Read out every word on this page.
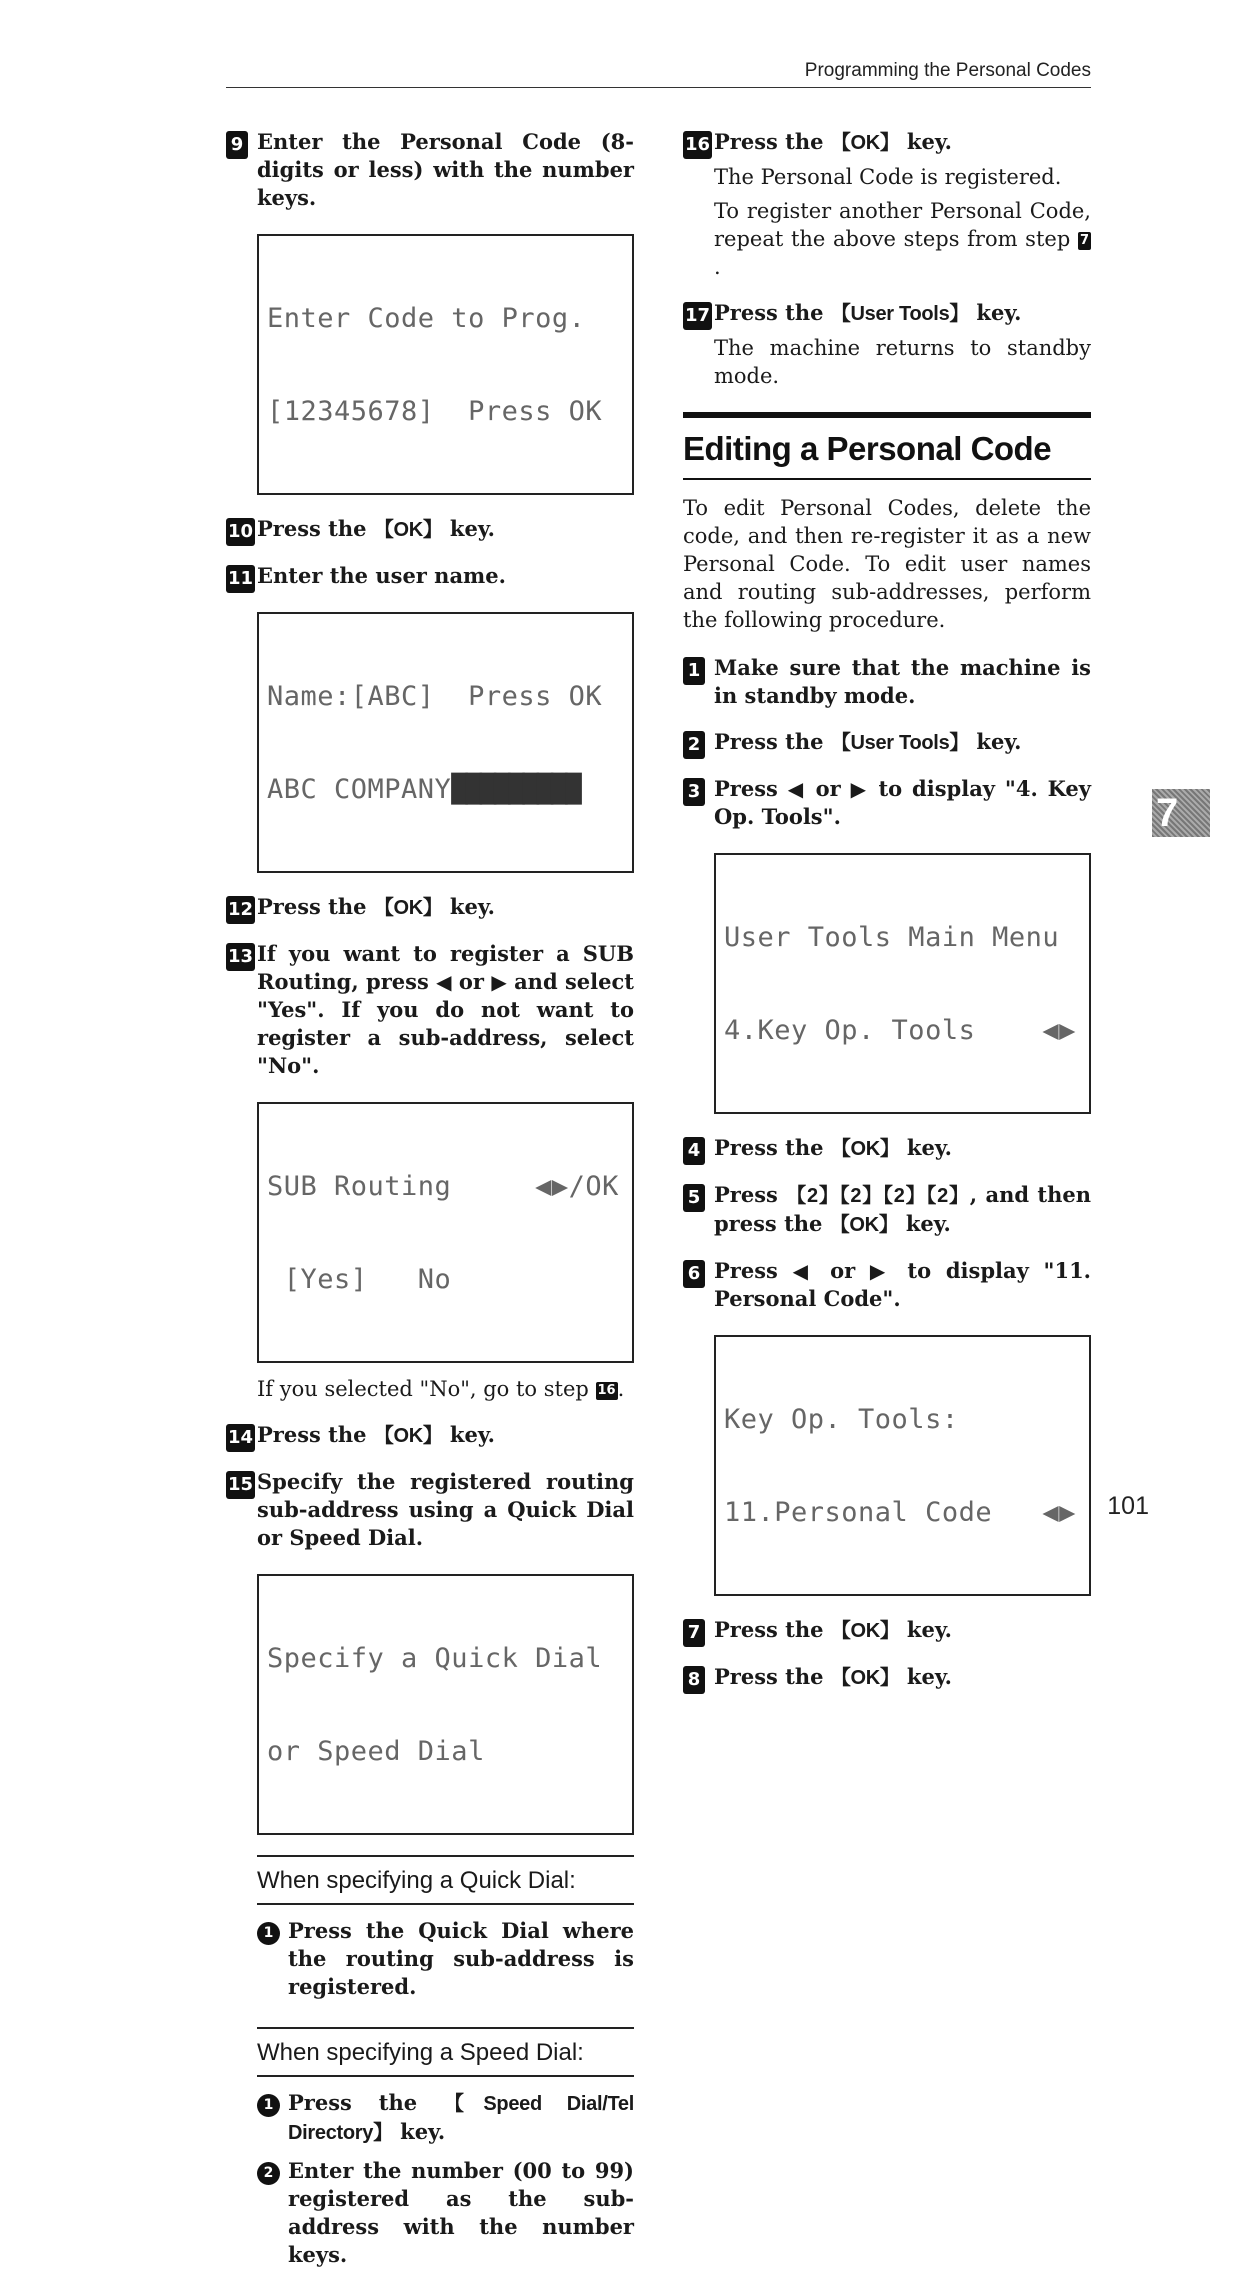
Programming the Personal Codes
9 Enter the Personal Code (8-digits or less) with the number keys.

Enter Code to Prog.

[12345678]  Press OK

10 Press the 【OK】 key.
11 Enter the user name.

Name:[ABC]  Press OK

ABC COMPANY█████████

12 Press the 【OK】 key.
13 If you want to register a SUB Routing, press ◀ or ▶ and select "Yes". If you do not want to register a sub-address, select "No".

SUB Routing     ◀▶/OK

[Yes]   No

If you selected "No", go to step 16.

14 Press the 【OK】 key.
15 Specify the registered routing sub-address using a Quick Dial or Speed Dial.

Specify a Quick Dial

or Speed Dial

When specifying a Quick Dial:
1 Press the Quick Dial where the routing sub-address is registered.
When specifying a Speed Dial:
1 Press the 【Speed Dial/Tel Directory】 key.
2 Enter the number (00 to 99) registered as the sub-address with the number keys.
16 Press the 【OK】 key.

The Personal Code is registered.

To register another Personal Code, repeat the above steps from step 7.

17 Press the 【User Tools】 key.

The machine returns to standby mode.

Editing a Personal Code

To edit Personal Codes, delete the code, and then re-register it as a new Personal Code. To edit user names and routing sub-addresses, perform the following procedure.

1 Make sure that the machine is in standby mode.
2 Press the 【User Tools】 key.
3 Press ◀ or ▶ to display "4. Key Op. Tools".

User Tools Main Menu

4.Key Op. Tools    ◀▶

4 Press the 【OK】 key.
5 Press 【2】【2】【2】【2】, and then press the 【OK】 key.
6 Press ◀ or ▶ to display "11. Personal Code".

Key Op. Tools:

11.Personal Code   ◀▶

7 Press the 【OK】 key.
8 Press the 【OK】 key.
7
101
